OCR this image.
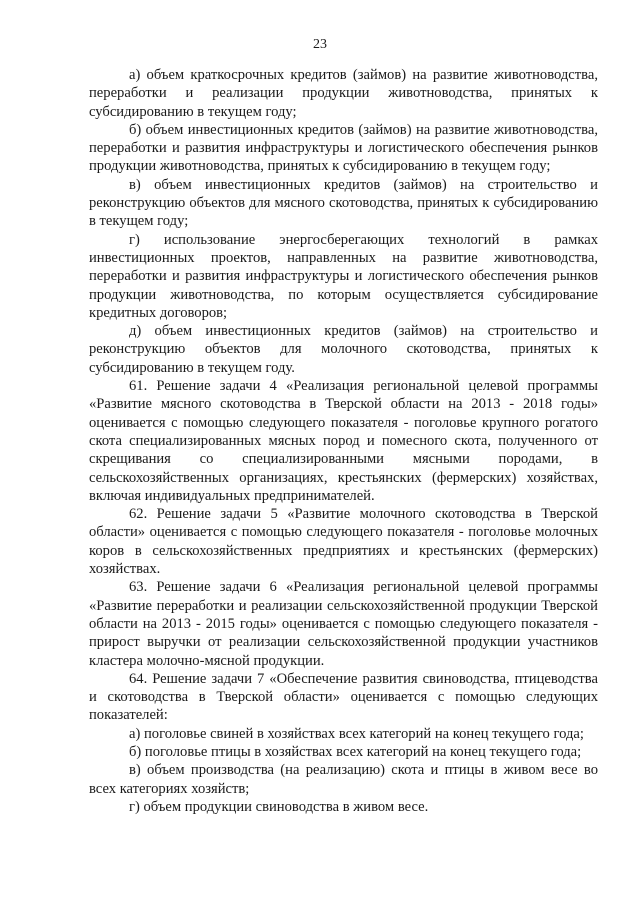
23

а) объем краткосрочных кредитов (займов) на развитие животноводства, переработки и реализации продукции животноводства, принятых к субсидированию в текущем году;

б) объем инвестиционных кредитов (займов) на развитие животноводства, переработки и развития инфраструктуры и логистического обеспечения рынков продукции животноводства, принятых к субсидированию в текущем году;

в) объем инвестиционных кредитов (займов) на строительство и реконструкцию объектов для мясного скотоводства, принятых к субсидированию в текущем году;

г) использование энергосберегающих технологий в рамках инвестиционных проектов, направленных на развитие животноводства, переработки и развития инфраструктуры и логистического обеспечения рынков продукции животноводства, по которым осуществляется субсидирование кредитных договоров;

д) объем инвестиционных кредитов (займов) на строительство и реконструкцию объектов для молочного скотоводства, принятых к субсидированию в текущем году.

61. Решение задачи 4 «Реализация региональной целевой программы «Развитие мясного скотоводства в Тверской области на 2013 - 2018 годы» оценивается с помощью следующего показателя - поголовье крупного рогатого скота специализированных мясных пород и помесного скота, полученного от скрещивания со специализированными мясными породами, в сельскохозяйственных организациях, крестьянских (фермерских) хозяйствах, включая индивидуальных предпринимателей.

62. Решение задачи 5 «Развитие молочного скотоводства в Тверской области» оценивается с помощью следующего показателя - поголовье молочных коров в сельскохозяйственных предприятиях и крестьянских (фермерских) хозяйствах.

63. Решение задачи 6 «Реализация региональной целевой программы «Развитие переработки и реализации сельскохозяйственной продукции Тверской области на 2013 - 2015 годы» оценивается с помощью следующего показателя - прирост выручки от реализации сельскохозяйственной продукции участников кластера молочно-мясной продукции.

64. Решение задачи 7 «Обеспечение развития свиноводства, птицеводства и скотоводства в Тверской области» оценивается с помощью следующих показателей:

а) поголовье свиней в хозяйствах всех категорий на конец текущего года;

б) поголовье птицы в хозяйствах всех категорий на конец текущего года;

в) объем производства (на реализацию) скота и птицы в живом весе во всех категориях хозяйств;

г) объем продукции свиноводства в живом весе.
